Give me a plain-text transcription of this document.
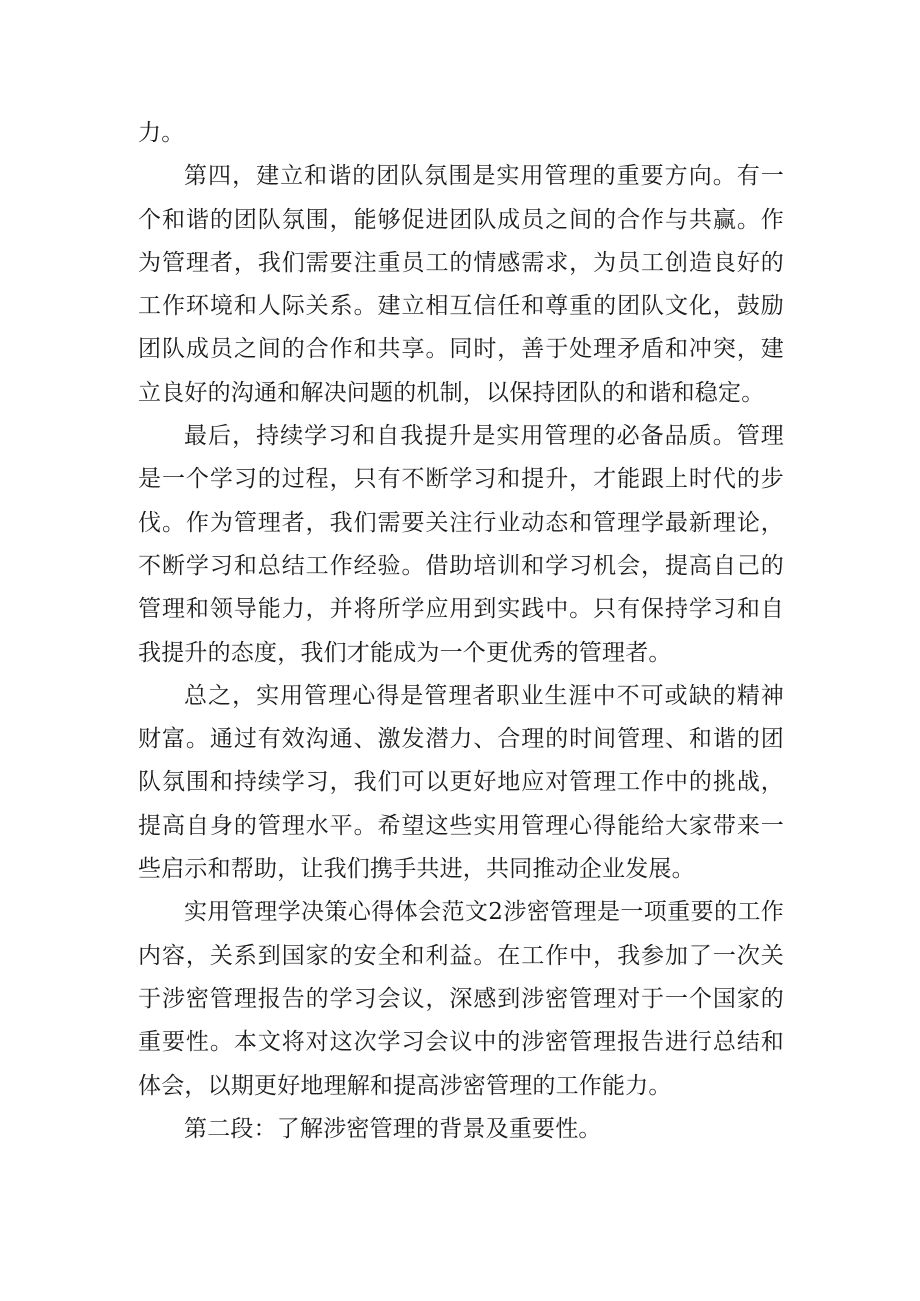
力。

第四，建立和谐的团队氛围是实用管理的重要方向。有一个和谐的团队氛围，能够促进团队成员之间的合作与共赢。作为管理者，我们需要注重员工的情感需求，为员工创造良好的工作环境和人际关系。建立相互信任和尊重的团队文化，鼓励团队成员之间的合作和共享。同时，善于处理矛盾和冲突，建立良好的沟通和解决问题的机制，以保持团队的和谐和稳定。

最后，持续学习和自我提升是实用管理的必备品质。管理是一个学习的过程，只有不断学习和提升，才能跟上时代的步伐。作为管理者，我们需要关注行业动态和管理学最新理论，不断学习和总结工作经验。借助培训和学习机会，提高自己的管理和领导能力，并将所学应用到实践中。只有保持学习和自我提升的态度，我们才能成为一个更优秀的管理者。

总之，实用管理心得是管理者职业生涯中不可或缺的精神财富。通过有效沟通、激发潜力、合理的时间管理、和谐的团队氛围和持续学习，我们可以更好地应对管理工作中的挑战，提高自身的管理水平。希望这些实用管理心得能给大家带来一些启示和帮助，让我们携手共进，共同推动企业发展。

实用管理学决策心得体会范文2涉密管理是一项重要的工作内容，关系到国家的安全和利益。在工作中，我参加了一次关于涉密管理报告的学习会议，深感到涉密管理对于一个国家的重要性。本文将对这次学习会议中的涉密管理报告进行总结和体会，以期更好地理解和提高涉密管理的工作能力。

第二段：了解涉密管理的背景及重要性。
